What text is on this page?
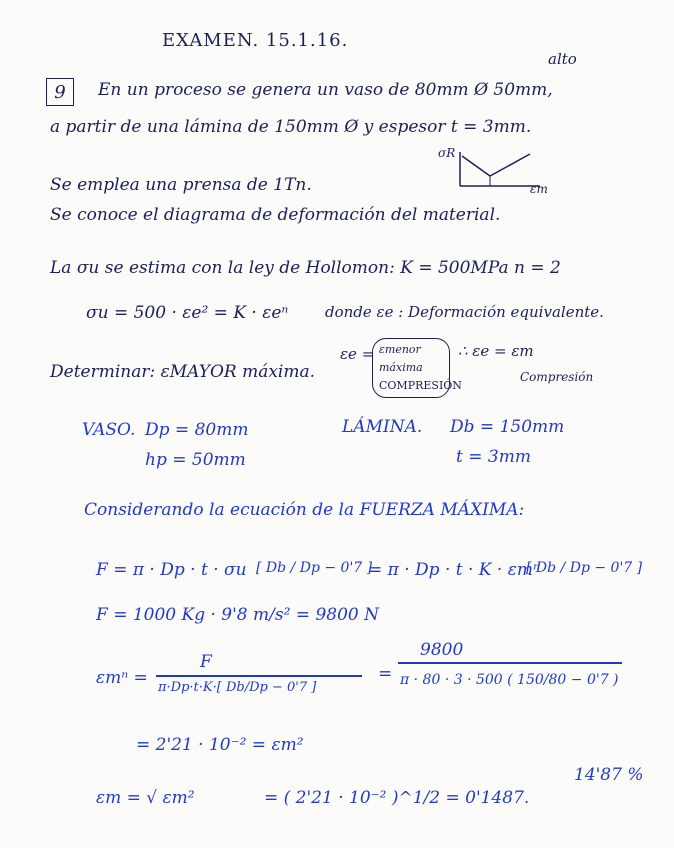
EXAMEN. 15.1.16.
9
alto
En un proceso se genera un vaso de 80mm Ø 50mm,
a partir de una lámina de 150mm Ø y espesor t = 3mm.
Se emplea una prensa de 1Tn.
Se conoce el diagrama de deformación del material.
σR
εm
La σu se estima con la ley de Hollomon: K = 500MPa n = 2
σu = 500 · εe² = K · εeⁿ donde εe : Deformación equivalente.
εe = εmenor
máxima
COMPRESIÓN
∴ εe = εm
Compresión
Determinar: εMAYOR máxima.
VASO. Dp = 80mm
hp = 50mm
LÁMINA. Db = 150mm
t = 3mm
Considerando la ecuación de la FUERZA MÁXIMA:
F = π · Dp · t · σu [ Db / Dp − 0'7 ]
= π · Dp · t · K · εmⁿ
[ Db / Dp − 0'7 ]
F = 1000 Kg · 9'8 m/s² = 9800 N
εmⁿ =
F
π·Dp·t·K·[ Db/Dp − 0'7 ]
=
9800
π · 80 · 3 · 500 ( 150/80 − 0'7 )
= 2'21 · 10⁻² = εm²
εm = √ εm²	= ( 2'21 · 10⁻² )^1/2 = 0'1487.
14'87 %
